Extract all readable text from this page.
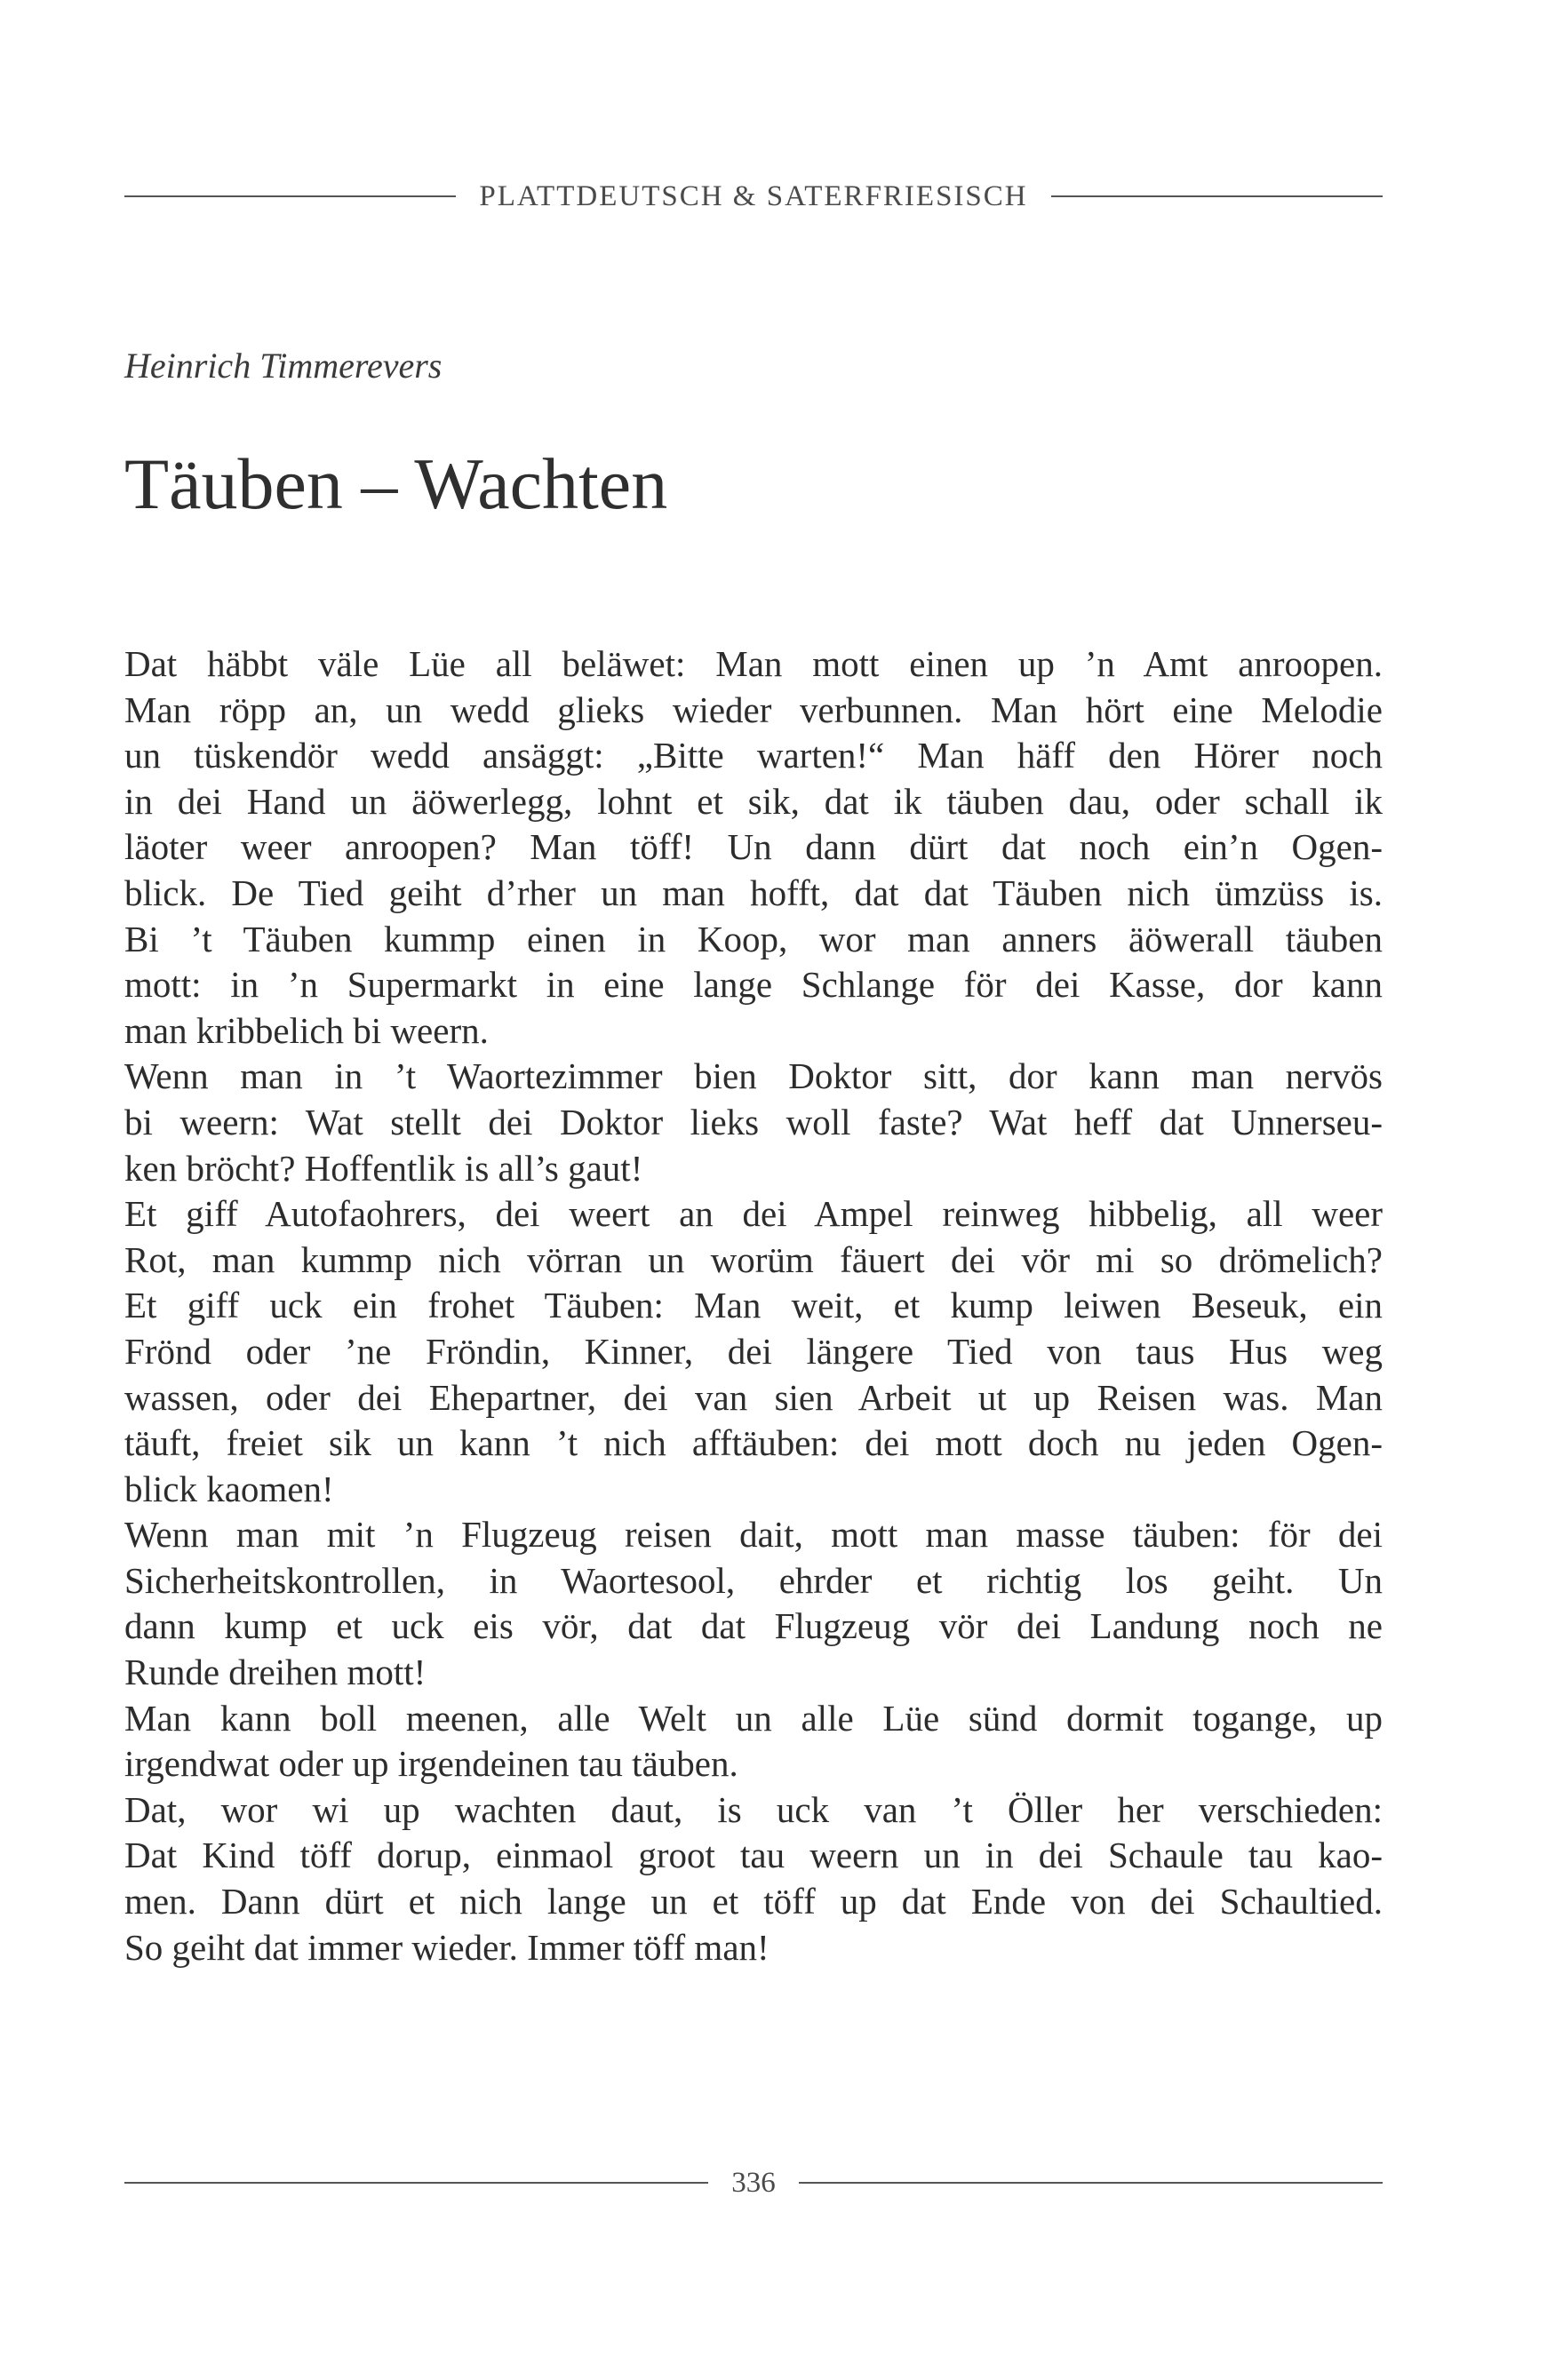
PLATTDEUTSCH & SATERFRIESISCH
Heinrich Timmerevers
Täuben – Wachten
Dat häbbt väle Lüe all beläwet: Man mott einen up ’n Amt anroopen.
Man röpp an, un wedd glieks wieder verbunnen. Man hört eine Melodie
un tüskendör wedd ansäggt: „Bitte warten!“ Man häff den Hörer noch
in dei Hand un äöwerlegg, lohnt et sik, dat ik täuben dau, oder schall ik
läoter weer anroopen? Man töff! Un dann dürt dat noch ein’n Ogen-
blick. De Tied geiht d’rher un man hofft, dat dat Täuben nich ümzüss is.
Bi ’t Täuben kummp einen in Koop, wor man anners äöwerall täuben
mott: in ’n Supermarkt in eine lange Schlange för dei Kasse, dor kann
man kribbelich bi weern.
Wenn man in ’t Waortezimmer bien Doktor sitt, dor kann man nervös
bi weern: Wat stellt dei Doktor lieks woll faste? Wat heff dat Unnerseu-
ken bröcht? Hoffentlik is all’s gaut!
Et giff Autofaohrers, dei weert an dei Ampel reinweg hibbelig, all weer
Rot, man kummp nich vörran un worüm fäuert dei vör mi so drömelich?
Et giff uck ein frohet Täuben: Man weit, et kump leiwen Beseuk, ein
Frönd oder ’ne Fröndin, Kinner, dei längere Tied von taus Hus weg
wassen, oder dei Ehepartner, dei van sien Arbeit ut up Reisen was. Man
täuft, freiet sik un kann ’t nich afftäuben: dei mott doch nu jeden Ogen-
blick kaomen!
Wenn man mit ’n Flugzeug reisen dait, mott man masse täuben: för dei
Sicherheitskontrollen, in Waortesool, ehrder et richtig los geiht. Un
dann kump et uck eis vör, dat dat Flugzeug vör dei Landung noch ne
Runde dreihen mott!
Man kann boll meenen, alle Welt un alle Lüe sünd dormit togange, up
irgendwat oder up irgendeinen tau täuben.
Dat, wor wi up wachten daut, is uck van ’t Öller her verschieden:
Dat Kind töff dorup, einmaol groot tau weern un in dei Schaule tau kao-
men. Dann dürt et nich lange un et töff up dat Ende von dei Schaultied.
So geiht dat immer wieder. Immer töff man!
336
